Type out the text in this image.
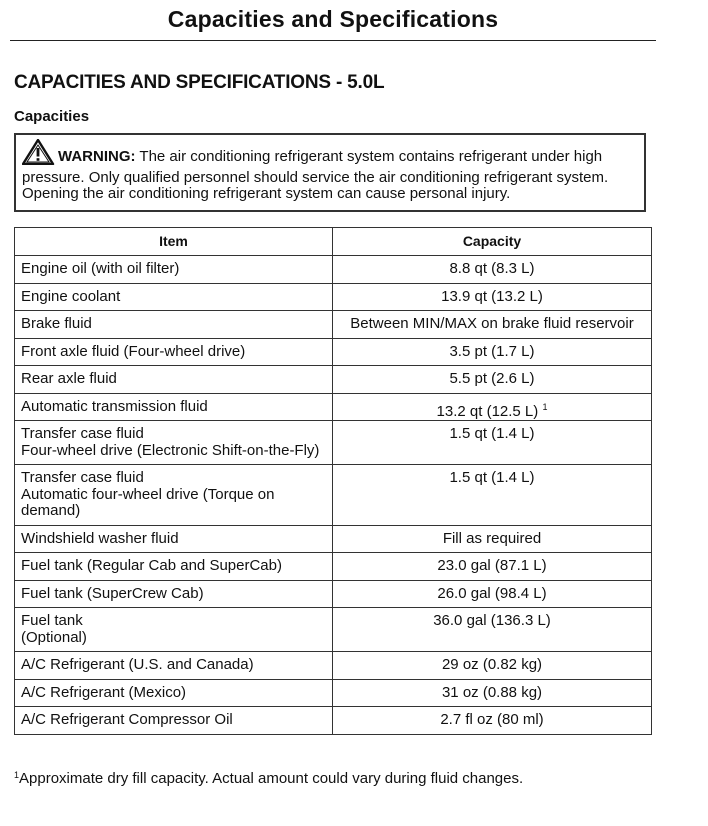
Capacities and Specifications
CAPACITIES AND SPECIFICATIONS - 5.0L
Capacities
WARNING: The air conditioning refrigerant system contains refrigerant under high pressure. Only qualified personnel should service the air conditioning refrigerant system. Opening the air conditioning refrigerant system can cause personal injury.
Item	Capacity

Engine oil (with oil filter)	8.8 qt (8.3 L)

Engine coolant	13.9 qt (13.2 L)

Brake fluid	Between MIN/MAX on brake fluid reservoir

Front axle fluid (Four-wheel drive)	3.5 pt (1.7 L)

Rear axle fluid	5.5 pt (2.6 L)

Automatic transmission fluid	13.2 qt (12.5 L) $^1$

Transfer case fluid
Four-wheel drive (Electronic Shift-on-the-Fly)	1.5 qt (1.4 L)

Transfer case fluid
Automatic four-wheel drive (Torque on demand)	1.5 qt (1.4 L)

Windshield washer fluid	Fill as required

Fuel tank (Regular Cab and SuperCab)	23.0 gal (87.1 L)

Fuel tank (SuperCrew Cab)	26.0 gal (98.4 L)

Fuel tank
(Optional)	36.0 gal (136.3 L)

A/C Refrigerant (U.S. and Canada)	29 oz (0.82 kg)

A/C Refrigerant (Mexico)	31 oz (0.88 kg)

A/C Refrigerant Compressor Oil	2.7 fl oz (80 ml)
$^1$Approximate dry fill capacity. Actual amount could vary during fluid changes.
